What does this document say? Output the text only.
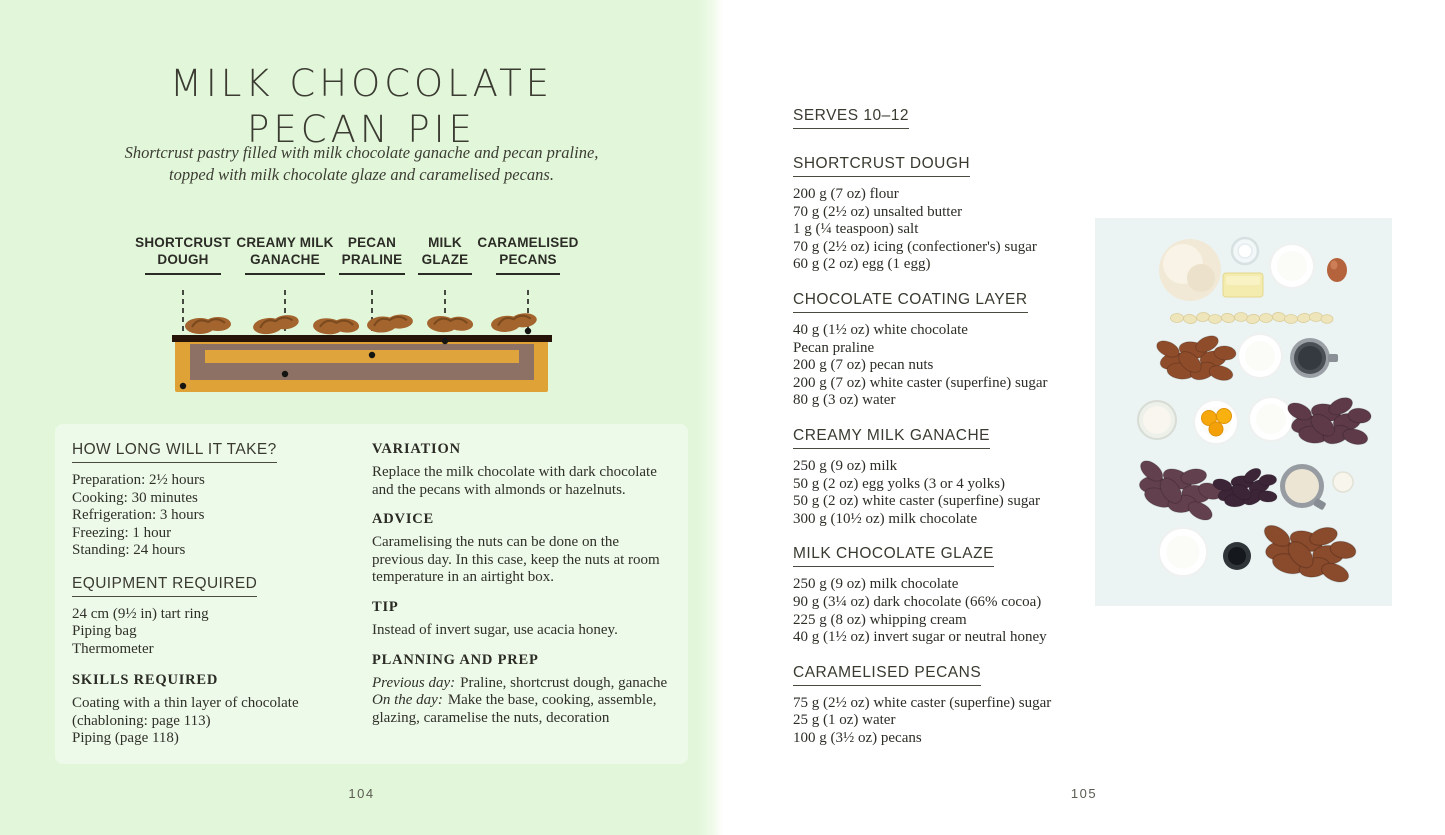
MILK CHOCOLATE
PECAN PIE
Shortcrust pastry filled with milk chocolate ganache and pecan praline,
topped with milk chocolate glaze and caramelised pecans.
SHORTCRUST
DOUGH
CREAMY MILK
GANACHE
PECAN
PRALINE
MILK
GLAZE
CARAMELISED
PECANS
HOW LONG WILL IT TAKE?
Preparation: 2½ hours
Cooking: 30 minutes
Refrigeration: 3 hours
Freezing: 1 hour
Standing: 24 hours
EQUIPMENT REQUIRED
24 cm (9½ in) tart ring
Piping bag
Thermometer
SKILLS REQUIRED
Coating with a thin layer of chocolate (chabloning: page 113)
Piping (page 118)
VARIATION

Replace the milk chocolate with dark chocolate and the pecans with almonds or hazelnuts.

ADVICE

Caramelising the nuts can be done on the previous day. In this case, keep the nuts at room temperature in an airtight box.

TIP

Instead of invert sugar, use acacia honey.

PLANNING AND PREP

Previous day: Praline, shortcrust dough, ganache

On the day: Make the base, cooking, assemble, glazing, caramelise the nuts, decoration

104
SERVES 10–12
SHORTCRUST DOUGH
200 g (7 oz) flour
70 g (2½ oz) unsalted butter
1 g (¼ teaspoon) salt
70 g (2½ oz) icing (confectioner's) sugar
60 g (2 oz) egg (1 egg)
CHOCOLATE COATING LAYER
40 g (1½ oz) white chocolate
Pecan praline
200 g (7 oz) pecan nuts
200 g (7 oz) white caster (superfine) sugar
80 g (3 oz) water
CREAMY MILK GANACHE
250 g (9 oz) milk
50 g (2 oz) egg yolks (3 or 4 yolks)
50 g (2 oz) white caster (superfine) sugar
300 g (10½ oz) milk chocolate
MILK CHOCOLATE GLAZE
250 g (9 oz) milk chocolate
90 g (3¼ oz) dark chocolate (66% cocoa)
225 g (8 oz) whipping cream
40 g (1½ oz) invert sugar or neutral honey
CARAMELISED PECANS
75 g (2½ oz) white caster (superfine) sugar
25 g (1 oz) water
100 g (3½ oz) pecans
105
